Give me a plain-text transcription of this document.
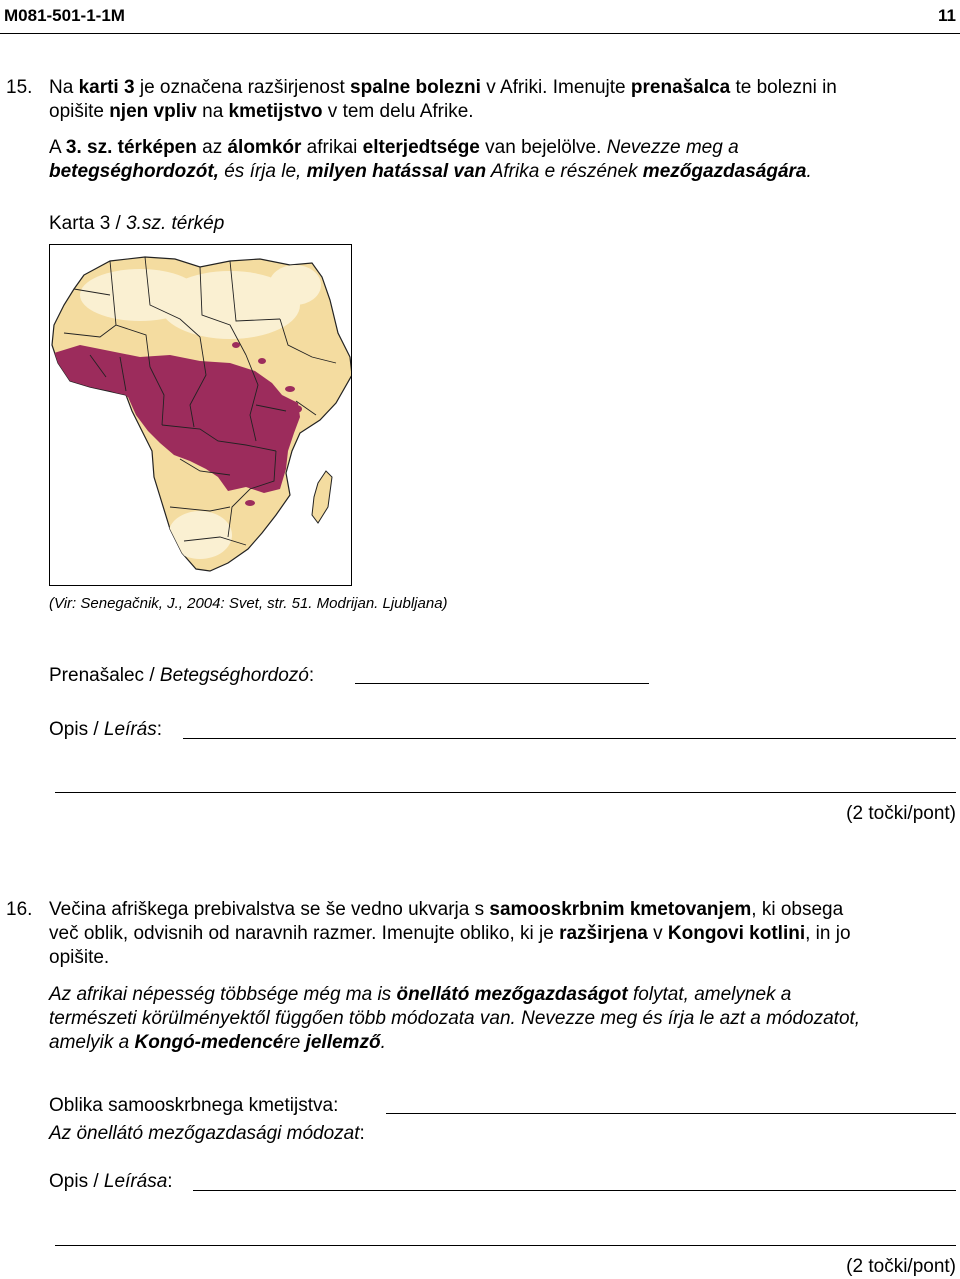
M081-501-1-1M	11
15. Na karti 3 je označena razširjenost spalne bolezni v Afriki. Imenujte prenašalca te bolezni in
opišite njen vpliv na kmetijstvo v tem delu Afrike.
A 3. sz. térképen az álomkór afrikai elterjedtsége van bejelölve. Nevezze meg a
betegséghordozót, és írja le, milyen hatással van Afrika e részének mezőgazdaságára.
Karta 3 / 3.sz. térkép
(Vir: Senegačnik, J., 2004: Svet, str. 51. Modrijan. Ljubljana)
Prenašalec / Betegséghordozó:
Opis / Leírás:
(2 točki/pont)
16. Večina afriškega prebivalstva se še vedno ukvarja s samooskrbnim kmetovanjem, ki obsega
več oblik, odvisnih od naravnih razmer. Imenujte obliko, ki je razširjena v Kongovi kotlini, in jo
opišite.
Az afrikai népesség többsége még ma is önellátó mezőgazdaságot folytat, amelynek a
természeti körülményektől függően több módozata van. Nevezze meg és írja le azt a módozatot,
amelyik a Kongó-medencére jellemző.
Oblika samooskrbnega kmetijstva:
Az önellátó mezőgazdasági módozat:
Opis / Leírása:
(2 točki/pont)
